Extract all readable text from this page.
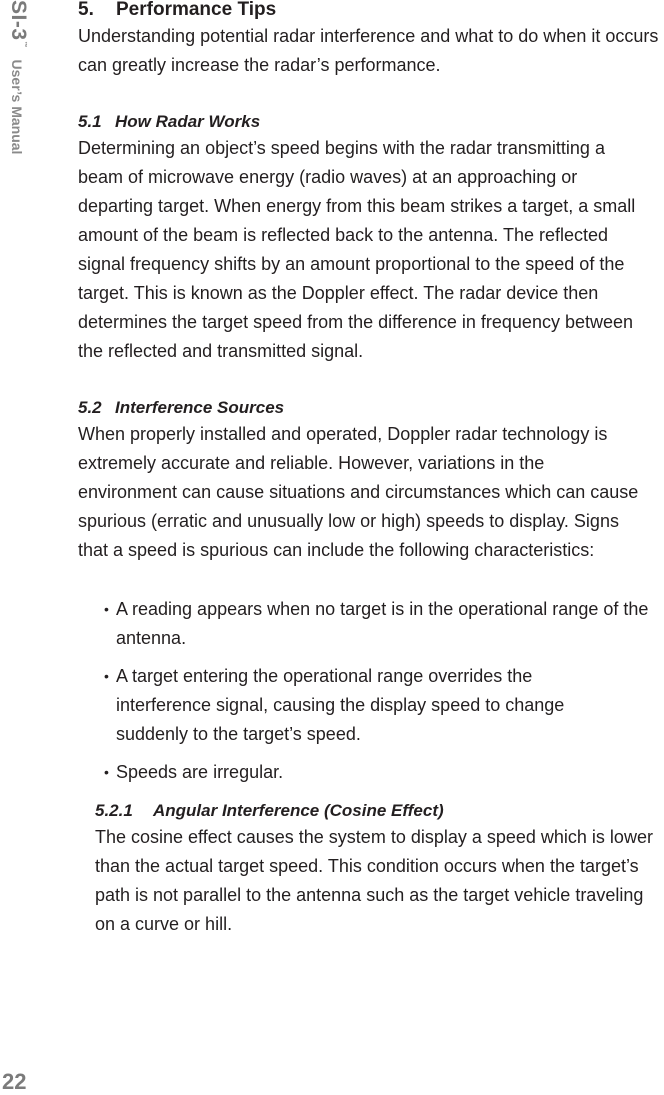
SI-3
™
User’s Manual
22
5. Performance Tips

Understanding potential radar interference and what to do when it occurs can greatly increase the radar’s performance.

5.1 How Radar Works

Determining an object’s speed begins with the radar transmitting a beam of microwave energy (radio waves) at an approaching or departing target. When energy from this beam strikes a target, a small amount of the beam is reflected back to the antenna. The reflected signal frequency shifts by an amount proportional to the speed of the target. This is known as the Doppler effect. The radar device then determines the target speed from the difference in frequency between the reflected and transmitted signal.

5.2 Interference Sources

When properly installed and operated, Doppler radar technology is extremely accurate and reliable. However, variations in the environment can cause situations and circumstances which can cause spurious (erratic and unusually low or high) speeds to display. Signs that a speed is spurious can include the following characteristics:

• A reading appears when no target is in the operational range of the antenna.
• A target entering the operational range overrides the interference signal, causing the display speed to change suddenly to the target’s speed.
• Speeds are irregular.
5.2.1 Angular Interference (Cosine Effect)

The cosine effect causes the system to display a speed which is lower than the actual target speed. This condition occurs when the target’s path is not parallel to the antenna such as the target vehicle traveling on a curve or hill.
